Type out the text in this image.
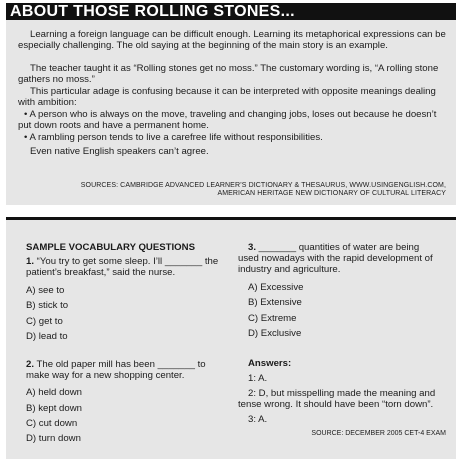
ABOUT THOSE ROLLING STONES...

Learning a foreign language can be difficult enough. Learning its metaphorical expressions can be especially challenging. The old saying at the beginning of the main story is an example.

The teacher taught it as “Rolling stones get no moss.” The customary wording is, “A rolling stone gathers no moss.”

This particular adage is confusing because it can be interpreted with opposite meanings dealing with ambition:

• A person who is always on the move, traveling and changing jobs, loses out because he doesn’t put down roots and have a permanent home.

• A rambling person tends to live a carefree life without responsibilities.

Even native English speakers can’t agree.

SOURCES: CAMBRIDGE ADVANCED LEARNER’S DICTIONARY & THESAURUS, WWW.USINGENGLISH.COM,
AMERICAN HERITAGE NEW DICTIONARY OF CULTURAL LITERACY
SAMPLE VOCABULARY QUESTIONS
1. “You try to get some sleep. I’ll _______ the
patient’s breakfast,” said the nurse.
A) see to
B) stick to
C) get to
D) lead to
2. The old paper mill has been _______ to
make way for a new shopping center.
A) held down
B) kept down
C) cut down
D) turn down
3. _______ quantities of water are being
used nowadays with the rapid development of
industry and agriculture.
A) Excessive
B) Extensive
C) Extreme
D) Exclusive
Answers:
1: A.
2: D, but misspelling made the meaning and
tense wrong. It should have been “torn down”.
3: A.
SOURCE: DECEMBER 2005 CET-4 EXAM
